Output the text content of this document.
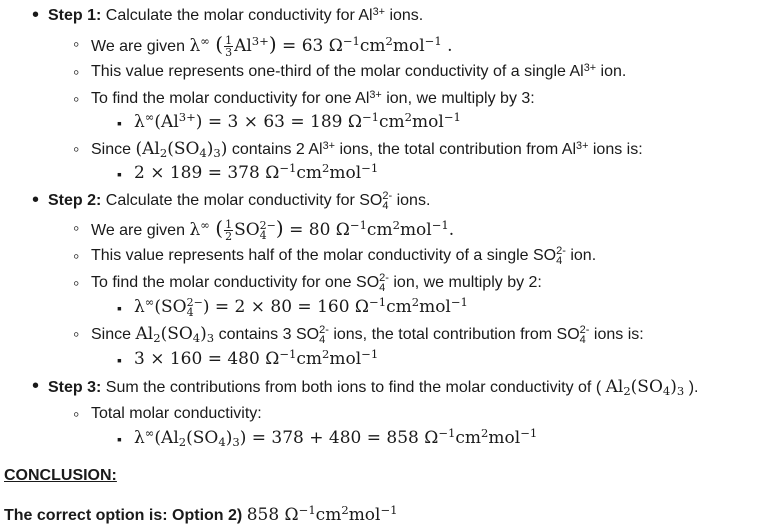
•
Step 1: Calculate the molar conductivity for $Al^{3+}$ ions.
◦
We are given λ∞ ( $\frac{1}{3} Al^{3+}) = 63$ $\Omega^{-1}cm^2mol^{-1}$ .
◦
This value represents one-third of the molar conductivity of a single $Al^{3+}$ ion.
◦
To find the molar conductivity for one $Al^{3+}$ ion, we multiply by 3:
▪
$\lambda^\infty(Al^{3+}) = 3 \times 63 = 189$ $\Omega^{-1}cm^2mol^{-1}$
◦
Since $(Al_2(SO_4)_3)$ contains 2 $Al^{3+}$ ions, the total contribution from $Al^{3+}$ ions is:
▪
2 × 189 = 378 $\Omega^{-1}cm^2mol^{-1}$
•
Step 2: Calculate the molar conductivity for SO 2-
4 ions.
◦
We are given λ∞ ( $\frac{1}{2}$ SO 2−
4 ) = 80 $\Omega^{-1}cm^2mol^{-1}$.
◦
This value represents half of the molar conductivity of a single SO 2-
4 ion.
◦
To find the molar conductivity for one SO 2-
4 ion, we multiply by 2:
▪
λ∞(SO 2−
4 ) = 2 × 80 = 160 $\Omega^{-1}cm^2mol^{-1}$
◦
Since $Al_2(SO_4)_3$ contains 3 SO 2-
4 ions, the total contribution from SO 2-
4 ions is:
▪
3 × 160 = 480 $\Omega^{-1}cm^2mol^{-1}$
•
Step 3: Sum the contributions from both ions to find the molar conductivity of ( $Al_2(SO_4)_3$ ).
◦
Total molar conductivity:
▪
$\lambda^\infty(Al_2(SO_4)_3) = 378 + 480 = 858$ $\Omega^{-1}cm^2mol^{-1}$
CONCLUSION:
The correct option is: Option 2) 858 $\Omega^{-1}cm^2mol^{-1}$
